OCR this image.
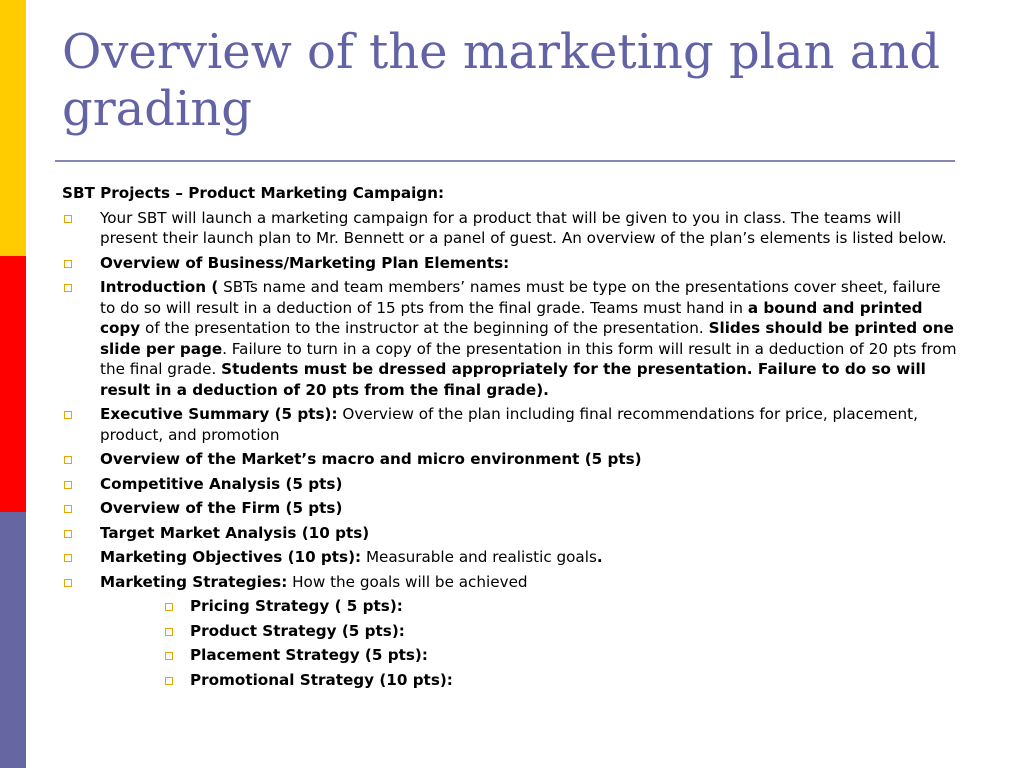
Overview of the marketing plan and grading
SBT Projects – Product Marketing Campaign:
Your SBT will launch a marketing campaign for a product that will be given to you in class. The teams will present their launch plan to Mr. Bennett or a panel of guest. An overview of the plan’s elements is listed below.
Overview of Business/Marketing Plan Elements:
Introduction ( SBTs name and team members’ names must be type on the presentations cover sheet, failure to do so will result in a deduction of 15 pts from the final grade. Teams must hand in a bound and printed copy of the presentation to the instructor at the beginning of the presentation. Slides should be printed one slide per page. Failure to turn in a copy of the presentation in this form will result in a deduction of 20 pts from the final grade. Students must be dressed appropriately for the presentation. Failure to do so will result in a deduction of 20 pts from the final grade).
Executive Summary (5 pts): Overview of the plan including final recommendations for price, placement, product, and promotion
Overview of the Market’s macro and micro environment (5 pts)
Competitive Analysis (5 pts)
Overview of the Firm (5 pts)
Target Market Analysis (10 pts)
Marketing Objectives (10 pts): Measurable and realistic goals.
Marketing Strategies: How the goals will be achieved
Pricing Strategy ( 5 pts):
Product Strategy (5 pts):
Placement Strategy (5 pts):
Promotional Strategy (10 pts):
